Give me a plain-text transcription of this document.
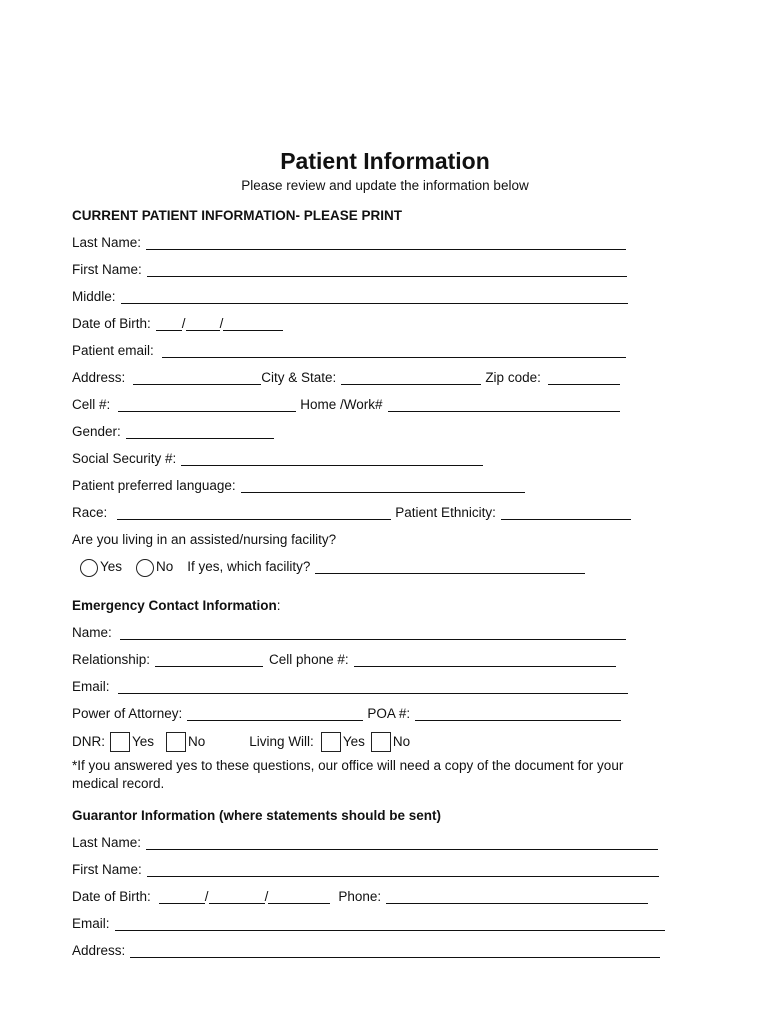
Patient Information
Please review and update the information below
CURRENT PATIENT INFORMATION- PLEASE PRINT
Last Name:
First Name:
Middle:
Date of Birth: /	/
Patient email:
Address:	City & State:	Zip code:
Cell #:	Home /Work#
Gender:
Social Security #:
Patient preferred language:
Race:	Patient Ethnicity:
Are you living in an assisted/nursing facility?
Yes	No If yes, which facility?
Emergency Contact Information :
Name:
Relationship:	Cell phone #:
Email:
Power of Attorney:	POA #:
DNR: Yes	No	Living Will: Yes No
*If you answered yes to these questions, our office will need a copy of the document for your medical record.
Guarantor Information (where statements should be sent)
Last Name:
First Name:
Date of Birth:	/	/	Phone:
Email:
Address:
